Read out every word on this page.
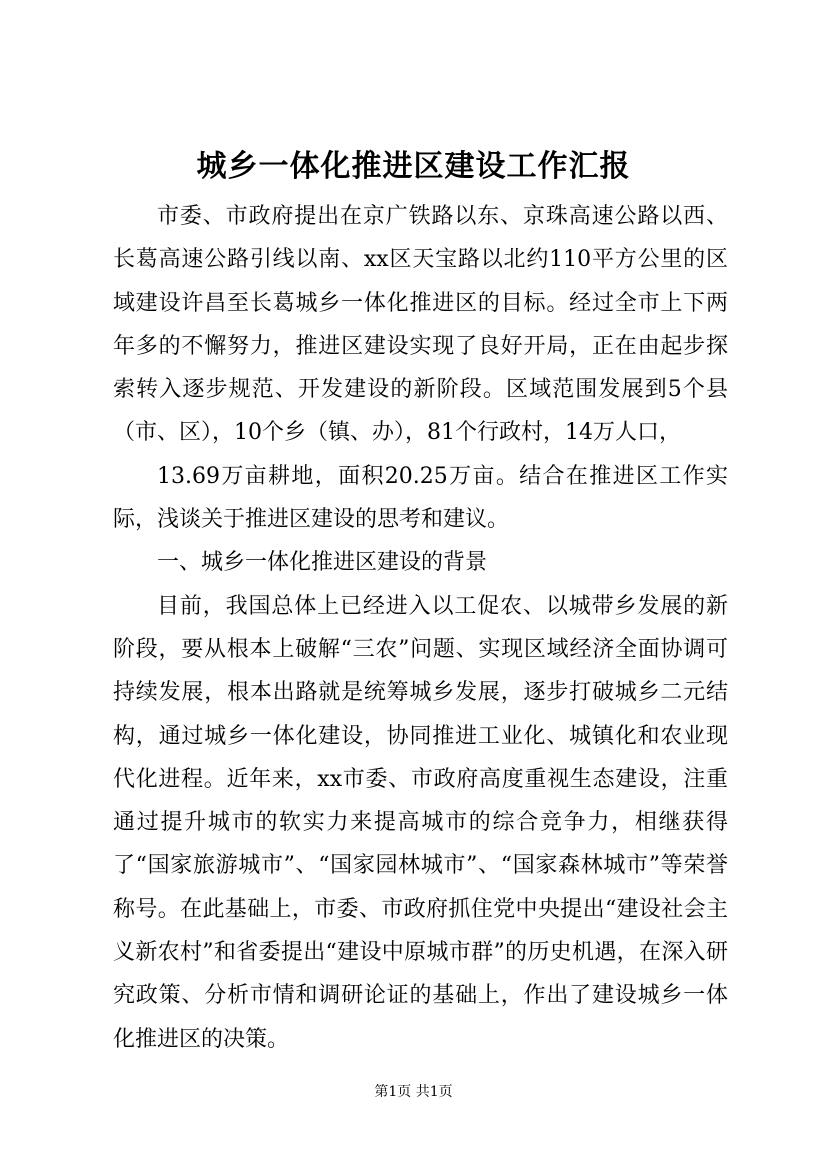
城乡一体化推进区建设工作汇报

市委、市政府提出在京广铁路以东、京珠高速公路以西、长葛高速公路引线以南、xx区天宝路以北约110平方公里的区域建设许昌至长葛城乡一体化推进区的目标。经过全市上下两年多的不懈努力，推进区建设实现了良好开局，正在由起步探索转入逐步规范、开发建设的新阶段。区域范围发展到5个县（市、区），10个乡（镇、办），81个行政村，14万人口，

13.69万亩耕地，面积20.25万亩。结合在推进区工作实际，浅谈关于推进区建设的思考和建议。

一、城乡一体化推进区建设的背景

目前，我国总体上已经进入以工促农、以城带乡发展的新阶段，要从根本上破解“三农”问题、实现区域经济全面协调可持续发展，根本出路就是统筹城乡发展，逐步打破城乡二元结构，通过城乡一体化建设，协同推进工业化、城镇化和农业现代化进程。近年来，xx市委、市政府高度重视生态建设，注重通过提升城市的软实力来提高城市的综合竞争力，相继获得了“国家旅游城市”、“国家园林城市”、“国家森林城市”等荣誉称号。在此基础上，市委、市政府抓住党中央提出“建设社会主义新农村”和省委提出“建设中原城市群”的历史机遇，在深入研究政策、分析市情和调研论证的基础上，作出了建设城乡一体化推进区的决策。

第1页 共1页
